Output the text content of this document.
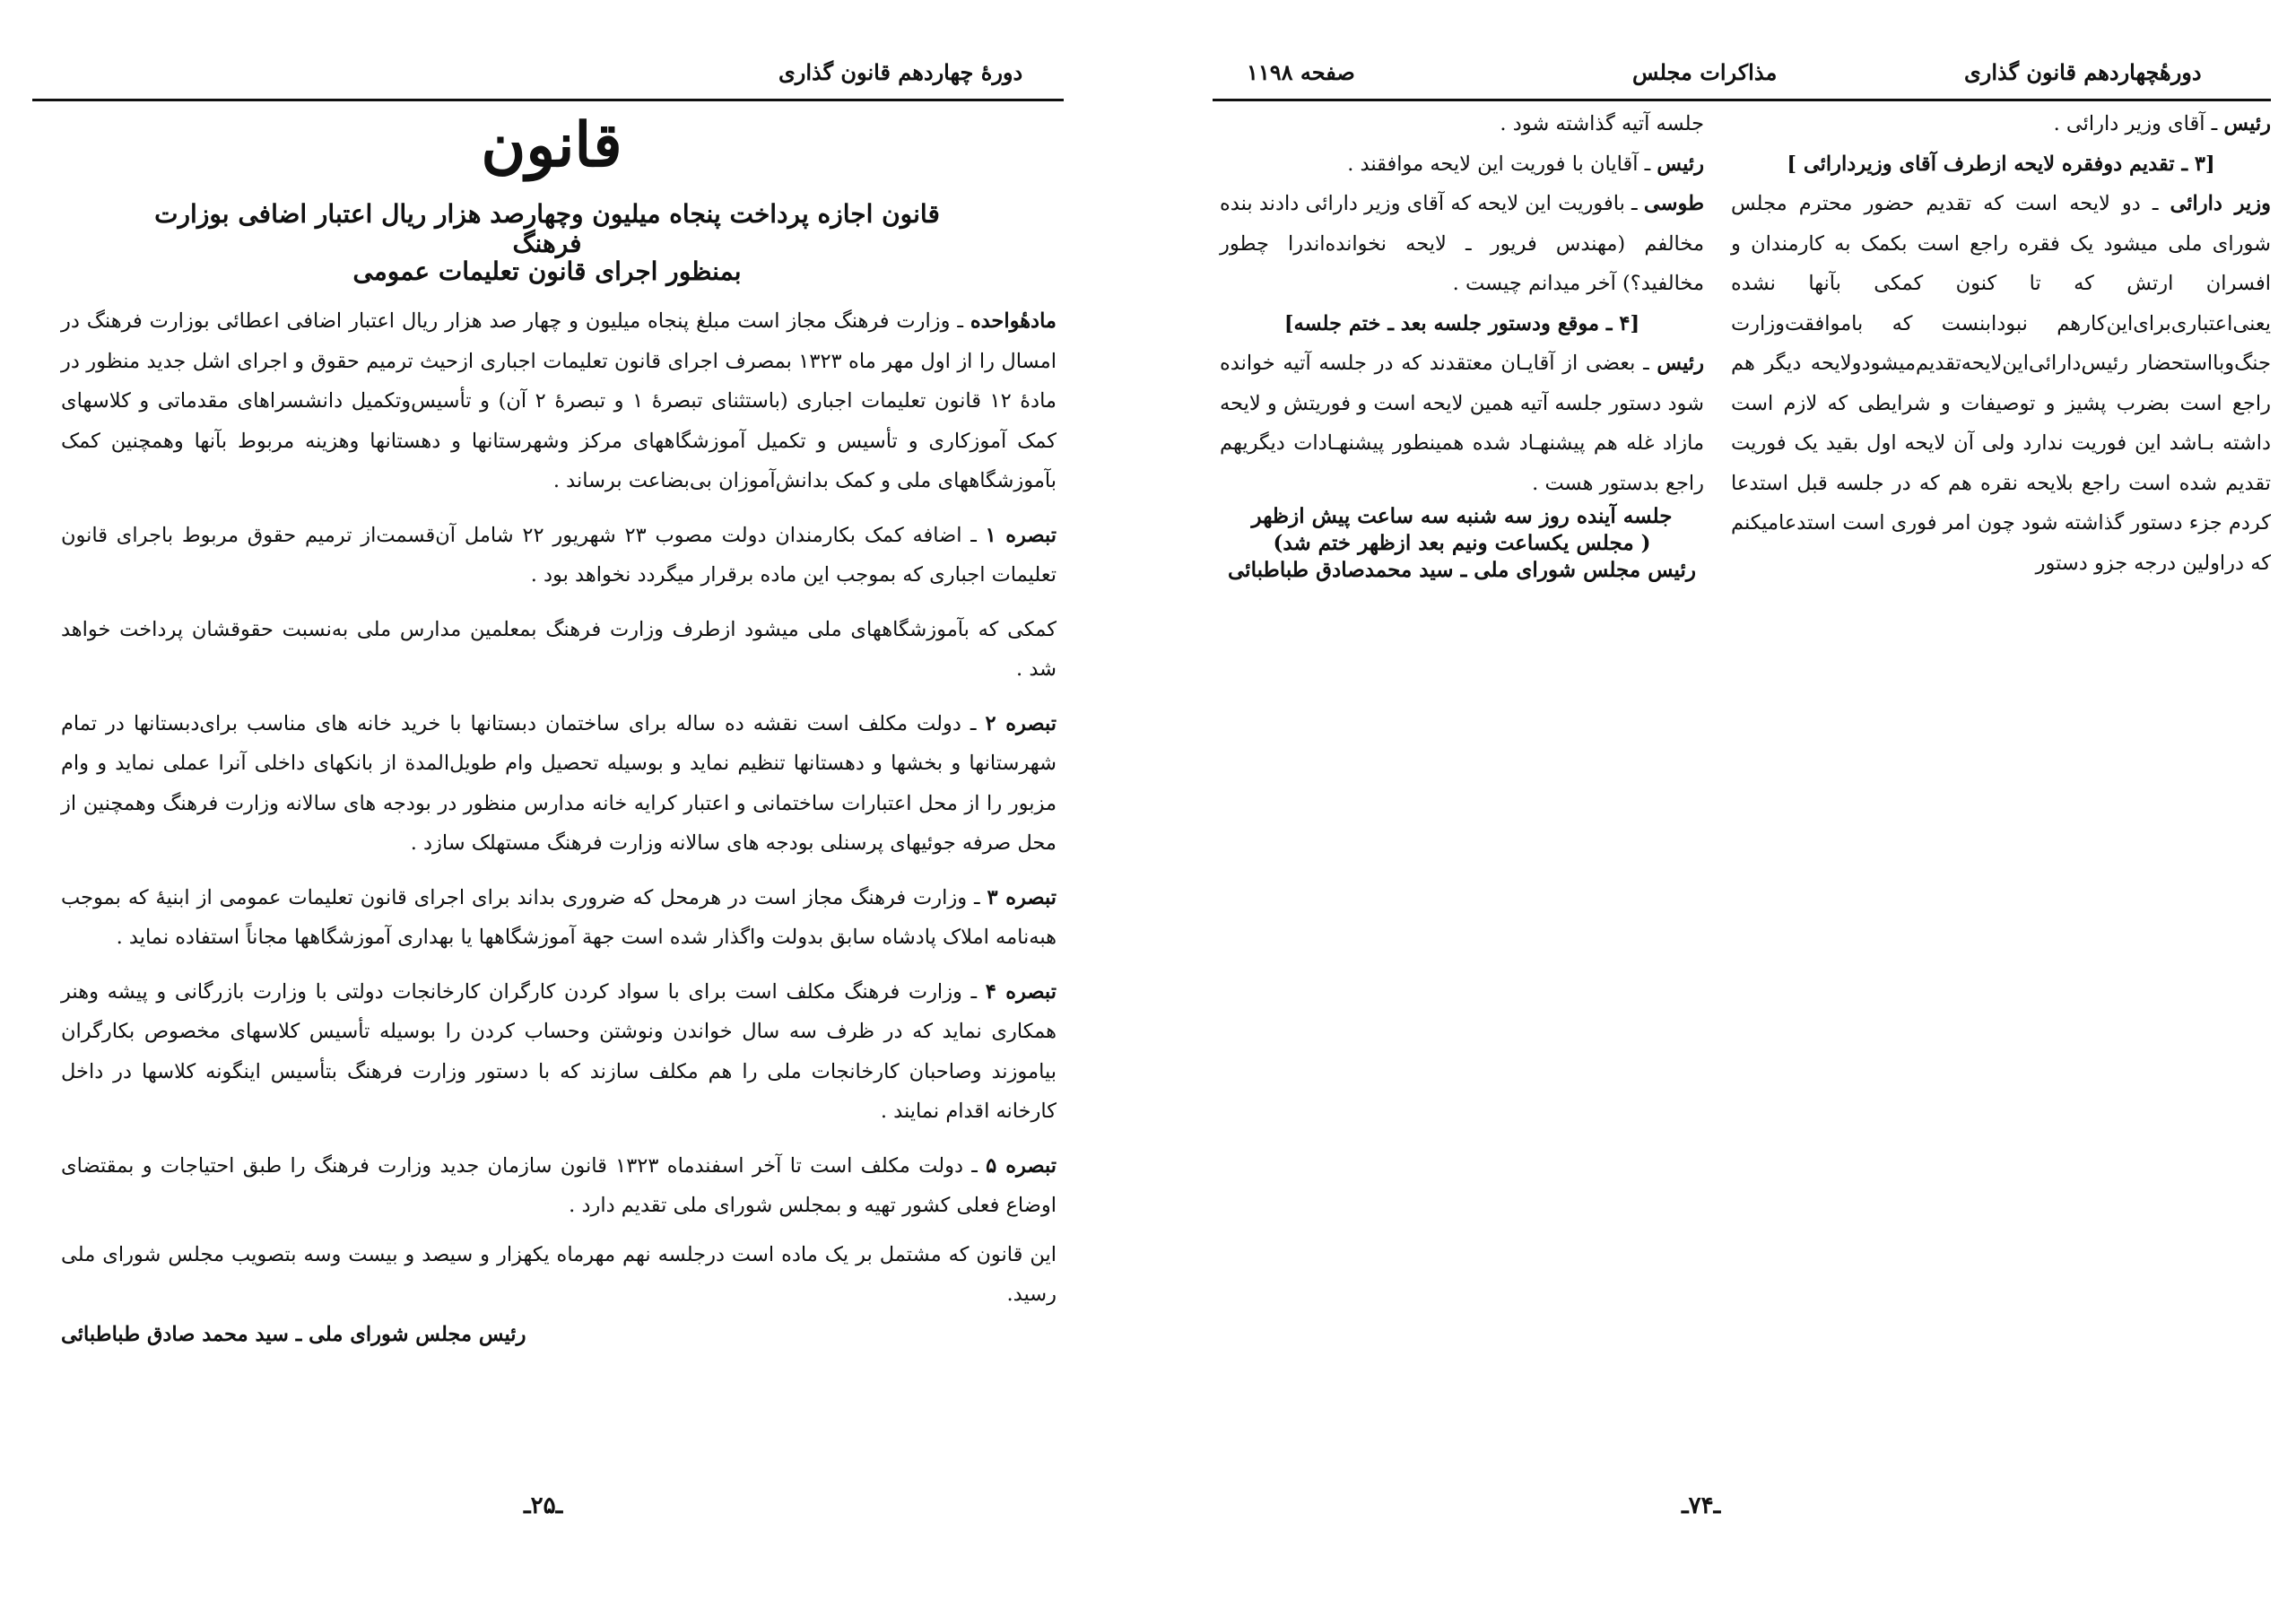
دورهٔ چهاردهم قانون گذاری
قانون
قانون اجازه پرداخت پنجاه میلیون وچهارصد هزار ریال اعتبار اضافی بوزارت فرهنگ
بمنظور اجرای قانون تعلیمات عمومی

مادهٔواحده ـ وزارت فرهنگ مجاز است مبلغ پنجاه میلیون و چهار صد هزار ریال اعتبار اضافی اعطائی بوزارت فرهنگ در امسال را از اول مهر ماه ۱۳۲۳ بمصرف اجرای قانون تعلیمات اجباری ازحیث ترمیم حقوق و اجرای اشل جدید منظور در مادهٔ ۱۲ قانون تعلیمات اجباری (باستثنای تبصرهٔ ۱ و تبصرهٔ ۲ آن) و تأسیس‌وتکمیل دانشسراهای مقدماتی و کلاسهای کمک آموزکاری و تأسیس و تکمیل آموزشگاههای مرکز وشهرستانها و دهستانها وهزینه مربوط بآنها وهمچنین کمک بآموزشگاههای ملی و کمک بدانش‌آموزان بی‌بضاعت برساند .

تبصره ۱ ـ اضافه کمک بکارمندان دولت مصوب ۲۳ شهریور ۲۲ شامل آن‌قسمت‌از ترمیم حقوق مربوط باجرای قانون تعلیمات اجباری که بموجب این ماده برقرار میگردد نخواهد بود .

کمکی که بآموزشگاههای ملی میشود ازطرف وزارت فرهنگ بمعلمین مدارس ملی به‌نسبت حقوقشان پرداخت خواهد شد .

تبصره ۲ ـ دولت مکلف است نقشه ده ساله برای ساختمان دبستانها با خرید خانه های مناسب برای‌دبستانها در تمام شهرستانها و بخشها و دهستانها تنظیم نماید و بوسیله تحصیل وام طویل‌المدة از بانکهای داخلی آنرا عملی نماید و وام مزبور را از محل اعتبارات ساختمانی و اعتبار کرایه خانه مدارس منظور در بودجه های سالانه وزارت فرهنگ وهمچنین از محل صرفه جوئیهای پرسنلی بودجه های سالانه وزارت فرهنگ مستهلک سازد .

تبصره ۳ ـ وزارت فرهنگ مجاز است در هرمحل که ضروری بداند برای اجرای قانون تعلیمات عمومی از ابنیهٔ که بموجب هبه‌نامه املاک پادشاه سابق بدولت واگذار شده است جهة آموزشگاهها یا بهداری آموزشگاهها مجاناً استفاده نماید .

تبصره ۴ ـ وزارت فرهنگ مکلف است برای با سواد کردن کارگران کارخانجات دولتی با وزارت بازرگانی و پیشه وهنر همکاری نماید که در ظرف سه سال خواندن ونوشتن وحساب کردن را بوسیله تأسیس کلاسهای مخصوص بکارگران بیاموزند وصاحبان کارخانجات ملی را هم مکلف سازند که با دستور وزارت فرهنگ بتأسیس اینگونه کلاسها در داخل کارخانه اقدام نمایند .

تبصره ۵ ـ دولت مکلف است تا آخر اسفندماه ۱۳۲۳ قانون سازمان جدید وزارت فرهنگ را طبق احتیاجات و بمقتضای اوضاع فعلی کشور تهیه و بمجلس شورای ملی تقدیم دارد .

این قانون که مشتمل بر یک ماده است درجلسه نهم مهرماه یکهزار و سیصد و بیست وسه بتصویب مجلس شورای ملی رسید.
رئیس مجلس شورای ملی ـ سید محمد صادق طباطبائی
ـ۲۵ـ
دورهٔچهاردهم قانون گذاری
مذاکرات مجلس
صفحه ۱۱۹۸

رئیس ـ آقای وزیر دارائی .

[۳ ـ تقدیم دوفقره لایحه ازطرف آقای وزیردارائی ]

وزیر دارائی ـ دو لایحه است که تقدیم حضور محترم مجلس شورای ملی میشود یک فقره راجع است بکمک به کارمندان و افسران ارتش که تا کنون کمکی بآنها نشده یعنی‌اعتباری‌برای‌این‌کارهم نبودابنست که باموافقت‌وزارت جنگ‌وبااستحضار رئیس‌دارائی‌این‌لایحه‌تقدیم‌میشود‌ولایحه دیگر هم راجع است بضرب پشیز و توصیفات و شرایطی که لازم است داشته بـاشد این فوریت ندارد ولی آن لایحه اول بقید یک فوریت تقدیم شده است راجع بلایحه نقره هم که در جلسه قبل استدعا کردم جزء دستور گذاشته شود چون امر فوری است استدعامیکنم که دراولین درجه جزو دستور

جلسه آتیه گذاشته شود .

رئیس ـ آقایان با فوریت این لایحه موافقند .

طوسی ـ بافوریت این لایحه که آقای وزیر دارائی دادند بنده مخالفم (مهندس فریور ـ لایحه نخوانده‌اندرا چطور مخالفید؟) آخر میدانم چیست .

[۴ ـ موقع ودستور جلسه بعد ـ ختم جلسه]

رئیس ـ بعضی از آقایـان معتقدند که در جلسه آتیه خوانده شود دستور جلسه آتیه همین لایحه است و فوریتش و لایحه مازاد غله هم پیشنهـاد شده همینطور پیشنهـادات دیگریهم راجع بدستور هست .

جلسه آینده روز سه شنبه سه ساعت پیش ازظهر

( مجلس یکساعت ونیم بعد ازظهر ختم شد)

رئیس مجلس شورای ملی ـ سید محمدصادق طباطبائی

ـ۷۴ـ
